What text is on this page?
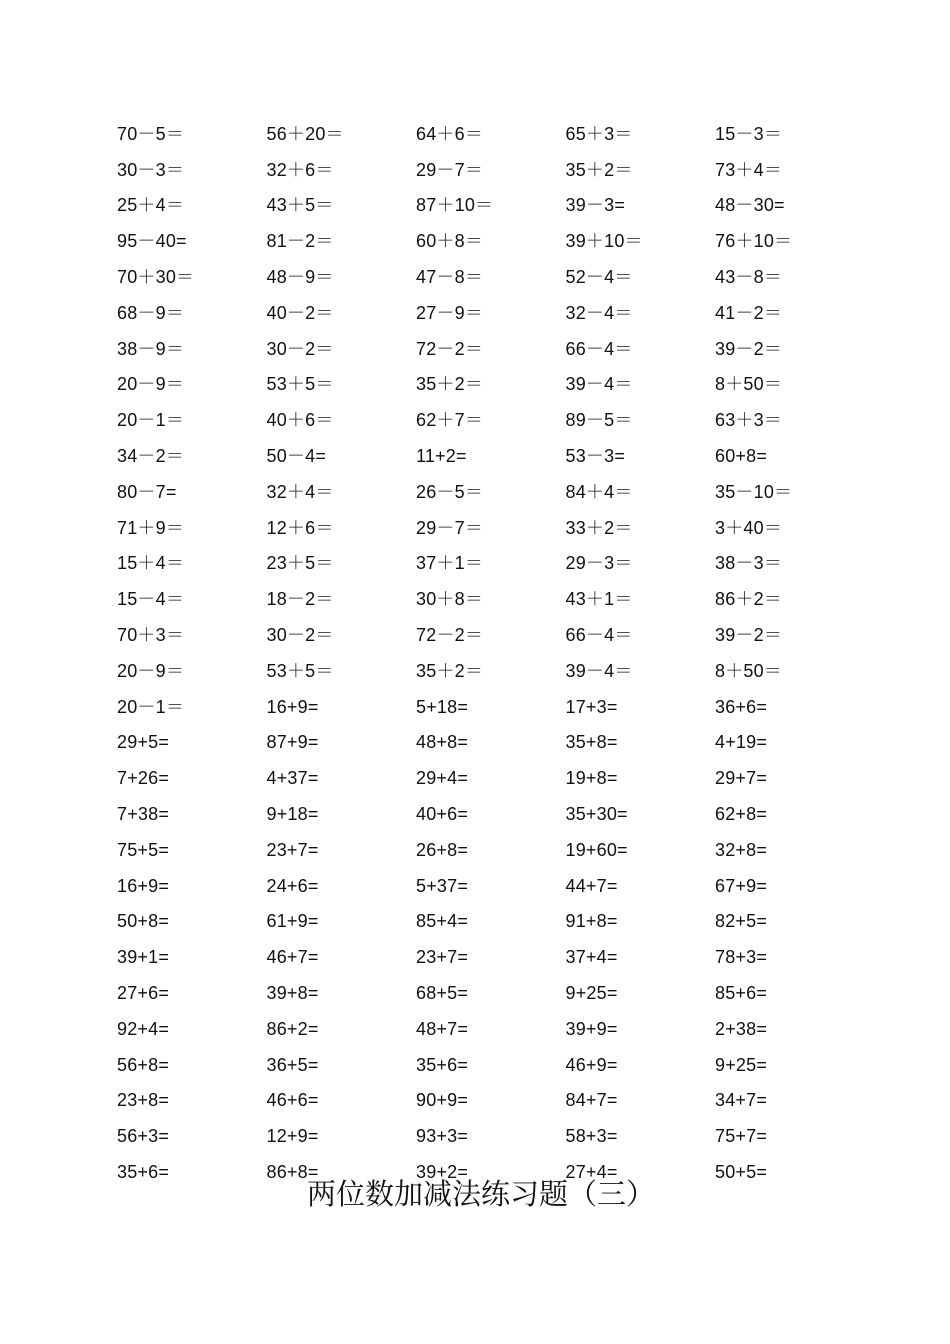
70－5＝	56＋20＝	64＋6＝	65＋3＝	15－3＝
30－3＝	32＋6＝	29－7＝	35＋2＝	73＋4＝
25＋4＝	43＋5＝	87＋10＝	39－3=	48－30=
95－40=	81－2＝	60＋8＝	39＋10＝	76＋10＝
70＋30＝	48－9＝	47－8＝	52－4＝	43－8＝
68－9＝	40－2＝	27－9＝	32－4＝	41－2＝
38－9＝	30－2＝	72－2＝	66－4＝	39－2＝
20－9＝	53＋5＝	35＋2＝	39－4＝	8＋50＝
20－1＝	40＋6＝	62＋7＝	89－5＝	63＋3＝
34－2＝	50－4=	11+2=	53－3=	60+8=
80－7=	32＋4＝	26－5＝	84＋4＝	35－10＝
71＋9＝	12＋6＝	29－7＝	33＋2＝	3＋40＝
15＋4＝	23＋5＝	37＋1＝	29－3＝	38－3＝
15－4＝	18－2＝	30＋8＝	43＋1＝	86＋2＝
70＋3＝	30－2＝	72－2＝	66－4＝	39－2＝
20－9＝	53＋5＝	35＋2＝	39－4＝	8＋50＝
20－1＝	16+9=	5+18=	17+3=	36+6=
29+5=	87+9=	48+8=	35+8=	4+19=
7+26=	4+37=	29+4=	19+8=	29+7=
7+38=	9+18=	40+6=	35+30=	62+8=
75+5=	23+7=	26+8=	19+60=	32+8=
16+9=	24+6=	5+37=	44+7=	67+9=
50+8=	61+9=	85+4=	91+8=	82+5=
39+1=	46+7=	23+7=	37+4=	78+3=
27+6=	39+8=	68+5=	9+25=	85+6=
92+4=	86+2=	48+7=	39+9=	2+38=
56+8=	36+5=	35+6=	46+9=	9+25=
23+8=	46+6=	90+9=	84+7=	34+7=
56+3=	12+9=	93+3=	58+3=	75+7=
35+6=	86+8=	39+2=	27+4=	50+5=
两位数加减法练习题（三）
